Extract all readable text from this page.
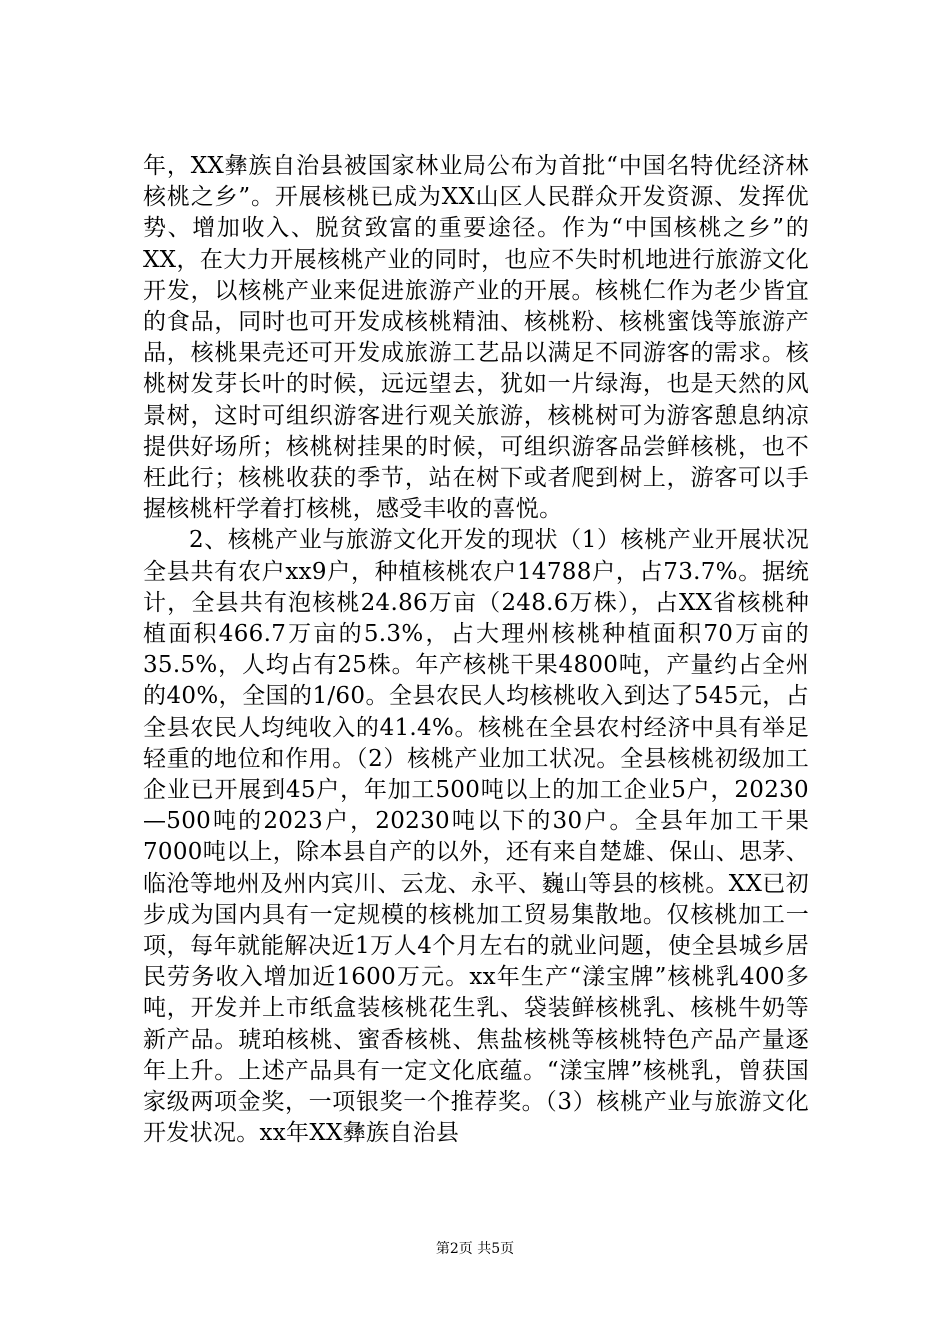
年，XX彝族自治县被国家林业局公布为首批“中国名特优经济林核桃之乡”。开展核桃已成为XX山区人民群众开发资源、发挥优势、增加收入、脱贫致富的重要途径。作为“中国核桃之乡”的XX，在大力开展核桃产业的同时，也应不失时机地进行旅游文化开发，以核桃产业来促进旅游产业的开展。核桃仁作为老少皆宜的食品，同时也可开发成核桃精油、核桃粉、核桃蜜饯等旅游产品，核桃果壳还可开发成旅游工艺品以满足不同游客的需求。核桃树发芽长叶的时候，远远望去，犹如一片绿海，也是天然的风景树，这时可组织游客进行观关旅游，核桃树可为游客憩息纳凉提供好场所；核桃树挂果的时候，可组织游客品尝鲜核桃，也不枉此行；核桃收获的季节，站在树下或者爬到树上，游客可以手握核桃杆学着打核桃，感受丰收的喜悦。

2、核桃产业与旅游文化开发的现状（1）核桃产业开展状况全县共有农户xx9户，种植核桃农户14788户，占73.7%。据统计，全县共有泡核桃24.86万亩（248.6万株），占XX省核桃种植面积466.7万亩的5.3%，占大理州核桃种植面积70万亩的35.5%，人均占有25株。年产核桃干果4800吨，产量约占全州的40%，全国的1/60。全县农民人均核桃收入到达了545元，占全县农民人均纯收入的41.4%。核桃在全县农村经济中具有举足轻重的地位和作用。（2）核桃产业加工状况。全县核桃初级加工企业已开展到45户，年加工500吨以上的加工企业5户，20230—500吨的2023户，20230吨以下的30户。全县年加工干果7000吨以上，除本县自产的以外，还有来自楚雄、保山、思茅、临沧等地州及州内宾川、云龙、永平、巍山等县的核桃。XX已初步成为国内具有一定规模的核桃加工贸易集散地。仅核桃加工一项，每年就能解决近1万人4个月左右的就业问题，使全县城乡居民劳务收入增加近1600万元。xx年生产“漾宝牌”核桃乳400多吨，开发并上市纸盒装核桃花生乳、袋装鲜核桃乳、核桃牛奶等新产品。琥珀核桃、蜜香核桃、焦盐核桃等核桃特色产品产量逐年上升。上述产品具有一定文化底蕴。“漾宝牌”核桃乳，曾获国家级两项金奖，一项银奖一个推荐奖。（3）核桃产业与旅游文化开发状况。xx年XX彝族自治县

第2页 共5页
